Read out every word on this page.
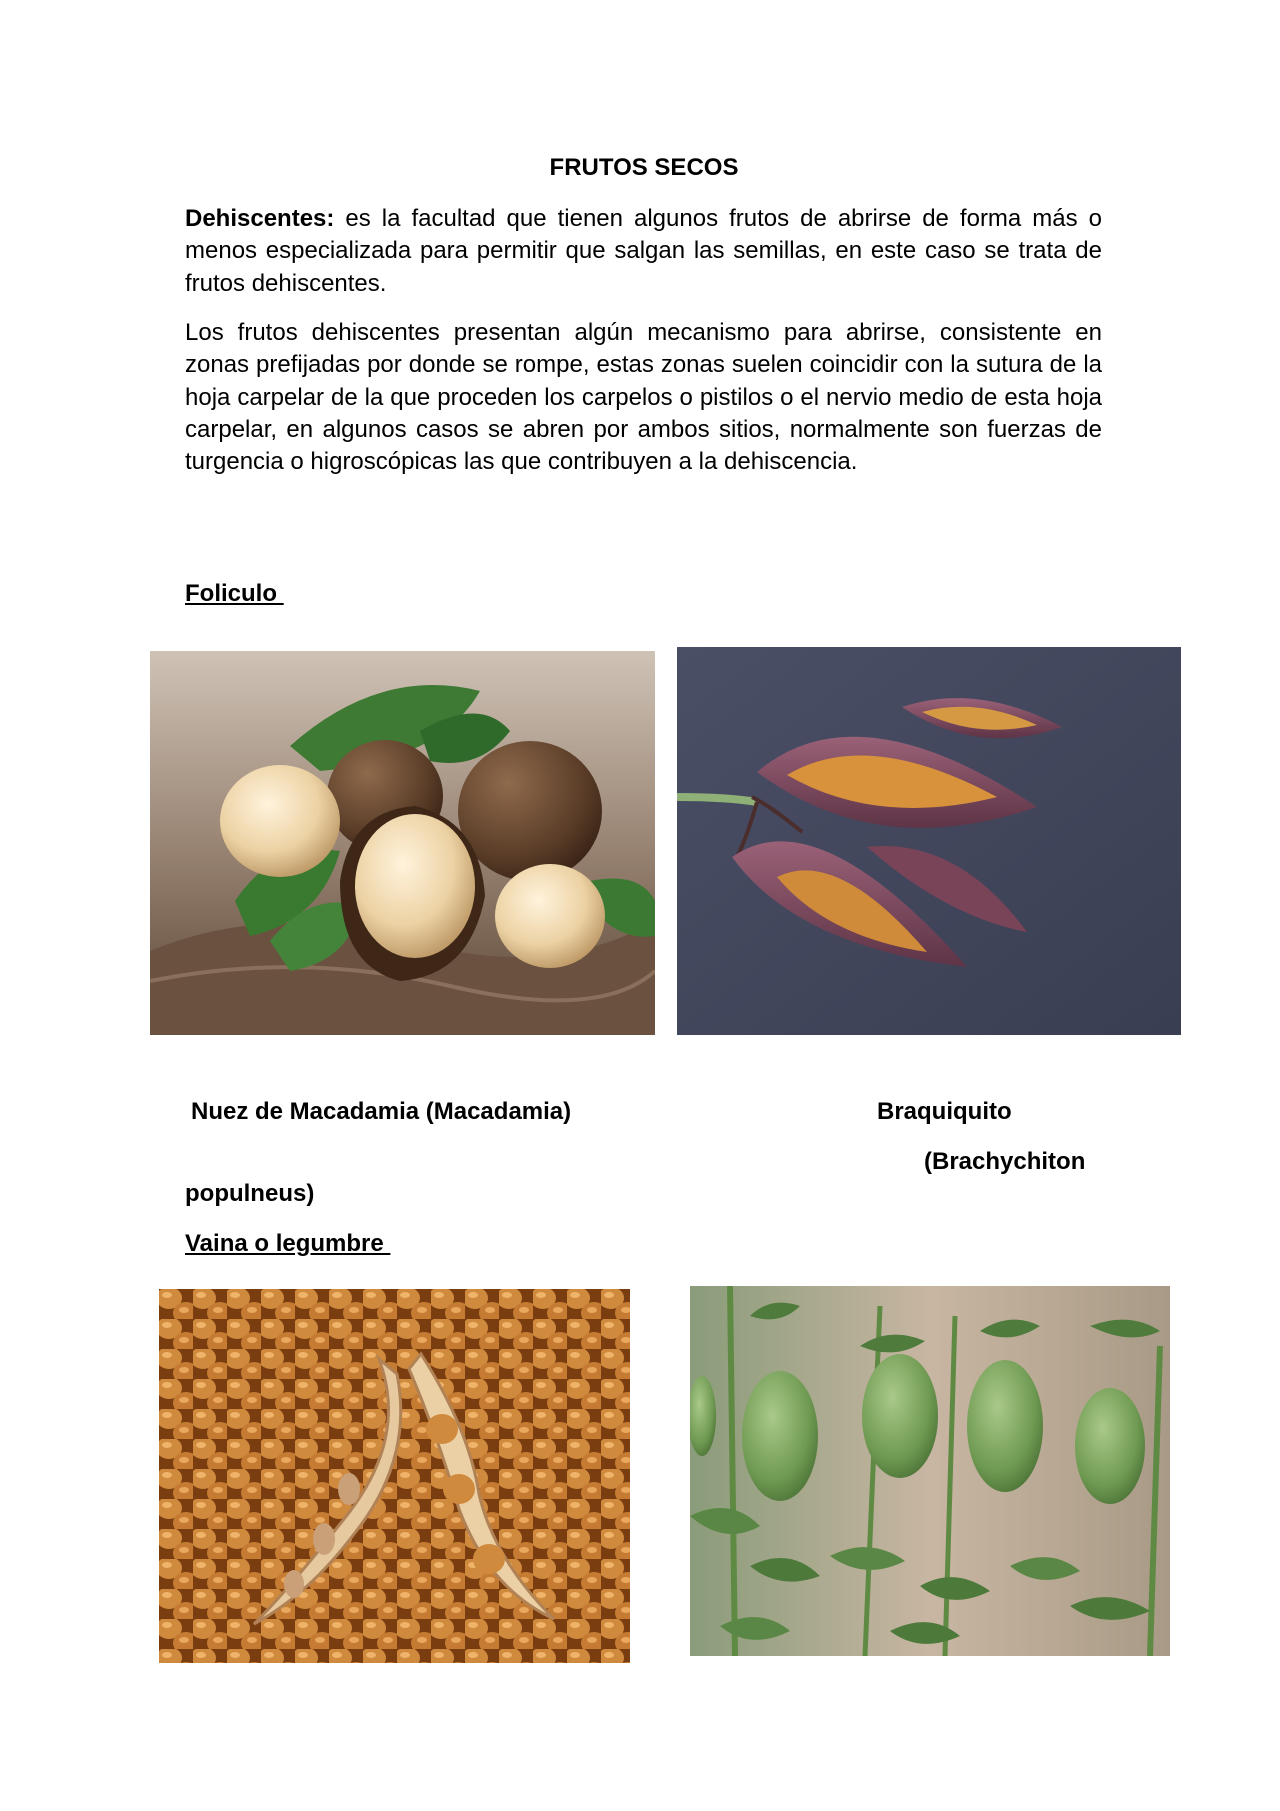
FRUTOS SECOS
Dehiscentes: es la facultad que tienen algunos frutos de abrirse de forma más o menos especializada para permitir que salgan las semillas, en este caso se trata de frutos dehiscentes.
Los frutos dehiscentes presentan algún mecanismo para abrirse, consistente en zonas prefijadas por donde se rompe, estas zonas suelen coincidir con la sutura de la hoja carpelar de la que proceden los carpelos o pistilos o el nervio medio de esta hoja carpelar, en algunos casos se abren por ambos sitios, normalmente son fuerzas de turgencia o higroscópicas las que contribuyen a la dehiscencia.
Foliculo
Nuez de Macadamia (Macadamia)	Braquiquito
(Brachychiton
populneus)
Vaina o legumbre
